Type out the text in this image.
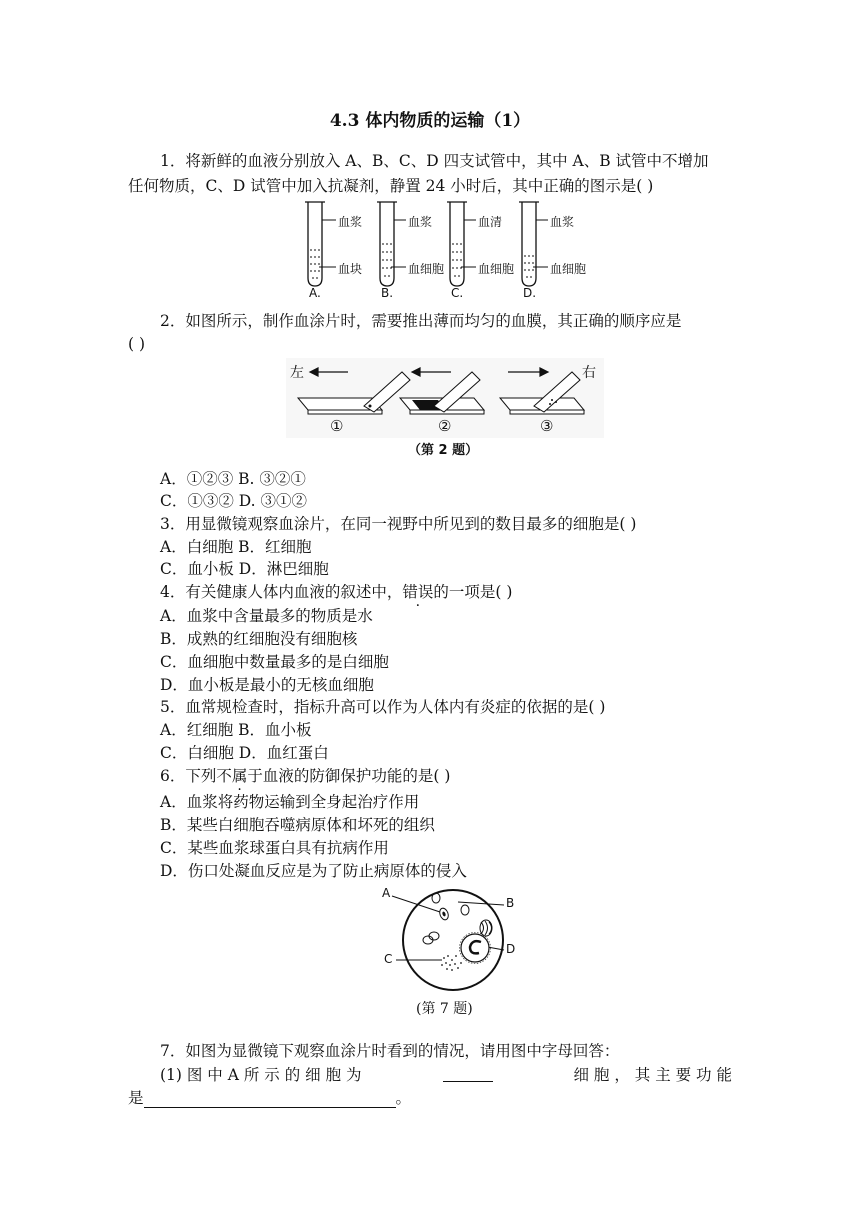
4.3 体内物质的运输（1）
1．将新鲜的血液分别放入 A、B、C、D 四支试管中，其中 A、B 试管中不增加
任何物质，C、D 试管中加入抗凝剂，静置 24 小时后，其中正确的图示是( )
血浆
血块
血浆
血细胞
血清
血细胞
血浆
血细胞
A.	B.	C.	D.
2．如图所示，制作血涂片时，需要推出薄而均匀的血膜，其正确的顺序应是
( )
左	右
①	②	③
（第 2 题）
A．①②③ B. ③②①
C．①③② D. ③①②
3．用显微镜观察血涂片，在同一视野中所见到的数目最多的细胞是( )
A．白细胞 B．红细胞
C．血小板 D．淋巴细胞
4．有关健康人体内血液的叙述中，错误的一项是( )
A．血浆中含量最多的物质是水
B．成熟的红细胞没有细胞核
C．血细胞中数量最多的是白细胞
D．血小板是最小的无核血细胞
5．血常规检查时，指标升高可以作为人体内有炎症的依据的是( )
A．红细胞 B．血小板
C．白细胞 D．血红蛋白
6．下列不属于血液的防御保护功能的是( )
A．血浆将药物运输到全身起治疗作用
B．某些白细胞吞噬病原体和坏死的组织
C．某些血浆球蛋白具有抗病作用
D．伤口处凝血反应是为了防止病原体的侵入
A
B
C
D
(第 7 题)
7．如图为显微镜下观察血涂片时看到的情况，请用图中字母回答：
(1) 图 中 A 所 示 的 细 胞 为	细 胞 ， 其 主 要 功 能
是	。
